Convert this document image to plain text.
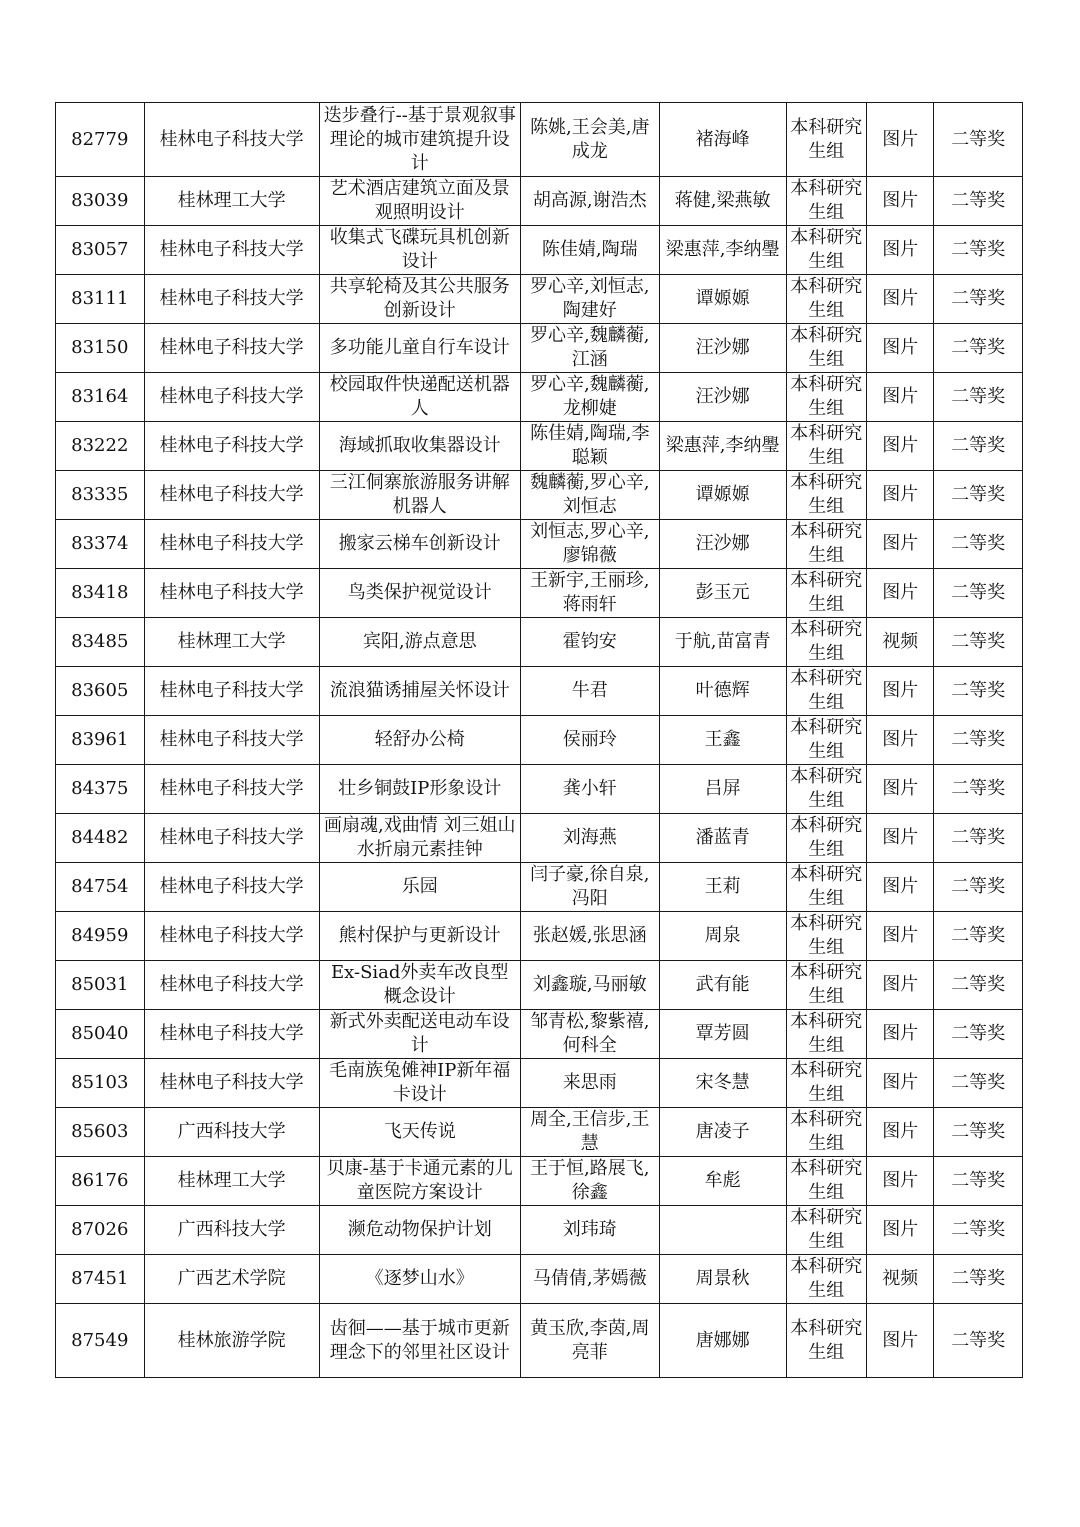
82779	桂林电子科技大学	迭步叠行--基于景观叙事理论的城市建筑提升设计	陈姚,王会美,唐成龙	褚海峰	本科研究生组	图片	二等奖
83039	桂林理工大学	艺术酒店建筑立面及景观照明设计	胡高源,谢浩杰	蒋健,梁燕敏	本科研究生组	图片	二等奖
83057	桂林电子科技大学	收集式飞碟玩具机创新设计	陈佳婧,陶瑞	梁惠萍,李纳璺	本科研究生组	图片	二等奖
83111	桂林电子科技大学	共享轮椅及其公共服务创新设计	罗心辛,刘恒志,陶建好	谭嫄嫄	本科研究生组	图片	二等奖
83150	桂林电子科技大学	多功能儿童自行车设计	罗心辛,魏麟蘅,江涵	汪沙娜	本科研究生组	图片	二等奖
83164	桂林电子科技大学	校园取件快递配送机器人	罗心辛,魏麟蘅,龙柳婕	汪沙娜	本科研究生组	图片	二等奖
83222	桂林电子科技大学	海域抓取收集器设计	陈佳婧,陶瑞,李聪颖	梁惠萍,李纳璺	本科研究生组	图片	二等奖
83335	桂林电子科技大学	三江侗寨旅游服务讲解机器人	魏麟蘅,罗心辛,刘恒志	谭嫄嫄	本科研究生组	图片	二等奖
83374	桂林电子科技大学	搬家云梯车创新设计	刘恒志,罗心辛,廖锦薇	汪沙娜	本科研究生组	图片	二等奖
83418	桂林电子科技大学	鸟类保护视觉设计	王新宇,王丽珍,蒋雨轩	彭玉元	本科研究生组	图片	二等奖
83485	桂林理工大学	宾阳,游点意思	霍钧安	于航,苗富青	本科研究生组	视频	二等奖
83605	桂林电子科技大学	流浪猫诱捕屋关怀设计	牛君	叶德辉	本科研究生组	图片	二等奖
83961	桂林电子科技大学	轻舒办公椅	侯丽玲	王鑫	本科研究生组	图片	二等奖
84375	桂林电子科技大学	壮乡铜鼓IP形象设计	龚小轩	吕屏	本科研究生组	图片	二等奖
84482	桂林电子科技大学	画扇魂,戏曲情 刘三姐山水折扇元素挂钟	刘海燕	潘蓝青	本科研究生组	图片	二等奖
84754	桂林电子科技大学	乐园	闫子豪,徐自泉,冯阳	王莉	本科研究生组	图片	二等奖
84959	桂林电子科技大学	熊村保护与更新设计	张赵媛,张思涵	周泉	本科研究生组	图片	二等奖
85031	桂林电子科技大学	Ex-Siad外卖车改良型概念设计	刘鑫璇,马丽敏	武有能	本科研究生组	图片	二等奖
85040	桂林电子科技大学	新式外卖配送电动车设计	邹青松,黎紫禧,何科全	覃芳圆	本科研究生组	图片	二等奖
85103	桂林电子科技大学	毛南族兔傩神IP新年福卡设计	来思雨	宋冬慧	本科研究生组	图片	二等奖
85603	广西科技大学	飞天传说	周全,王信步,王慧	唐凌子	本科研究生组	图片	二等奖
86176	桂林理工大学	贝康-基于卡通元素的儿童医院方案设计	王于恒,路展飞,徐鑫	牟彪	本科研究生组	图片	二等奖
87026	广西科技大学	濒危动物保护计划	刘玮琦		本科研究生组	图片	二等奖
87451	广西艺术学院	《逐梦山水》	马倩倩,茅嫣薇	周景秋	本科研究生组	视频	二等奖
87549	桂林旅游学院	齿徊——基于城市更新理念下的邻里社区设计	黄玉欣,李茵,周亮菲	唐娜娜	本科研究生组	图片	二等奖
